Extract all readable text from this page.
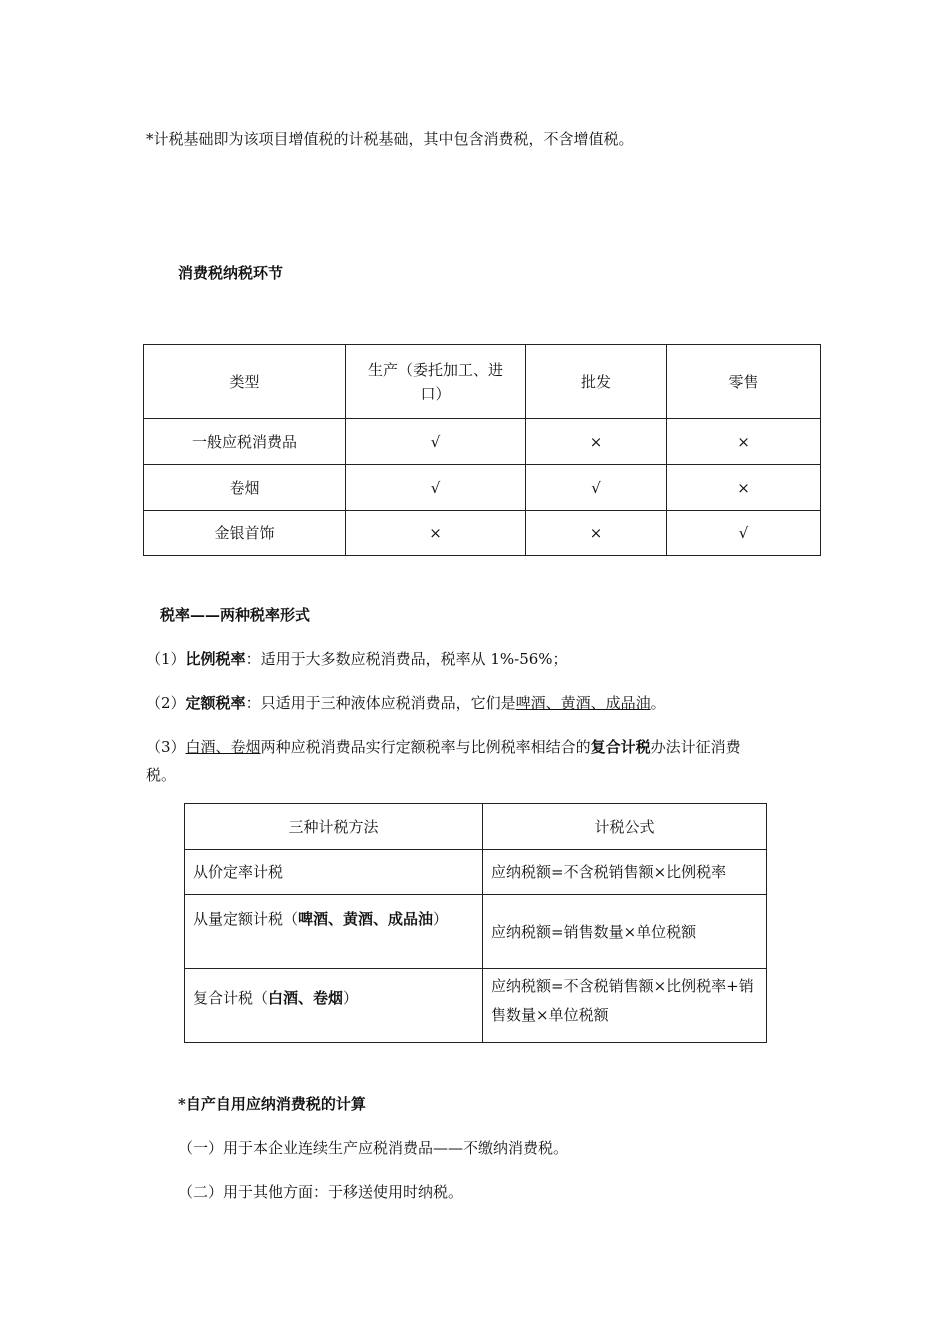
*计税基础即为该项目增值税的计税基础，其中包含消费税，不含增值税。
消费税纳税环节
类型	生产（委托加工、进口）	批发	零售
一般应税消费品	√	×	×
卷烟	√	√	×
金银首饰	×	×	√
税率——两种税率形式
（1）比例税率：适用于大多数应税消费品，税率从 1%-56%；
（2）定额税率：只适用于三种液体应税消费品，它们是啤酒、黄酒、成品油。
（3）白酒、卷烟两种应税消费品实行定额税率与比例税率相结合的复合计税办法计征消费
税。
三种计税方法	计税公式
从价定率计税	应纳税额=不含税销售额×比例税率

从量定额计税（啤酒、黄酒、成品油）	应纳税额=销售数量×单位税额

复合计税（白酒、卷烟）	应纳税额=不含税销售额×比例税率+销售数量×单位税额
*自产自用应纳消费税的计算
（一）用于本企业连续生产应税消费品——不缴纳消费税。
（二）用于其他方面：于移送使用时纳税。
